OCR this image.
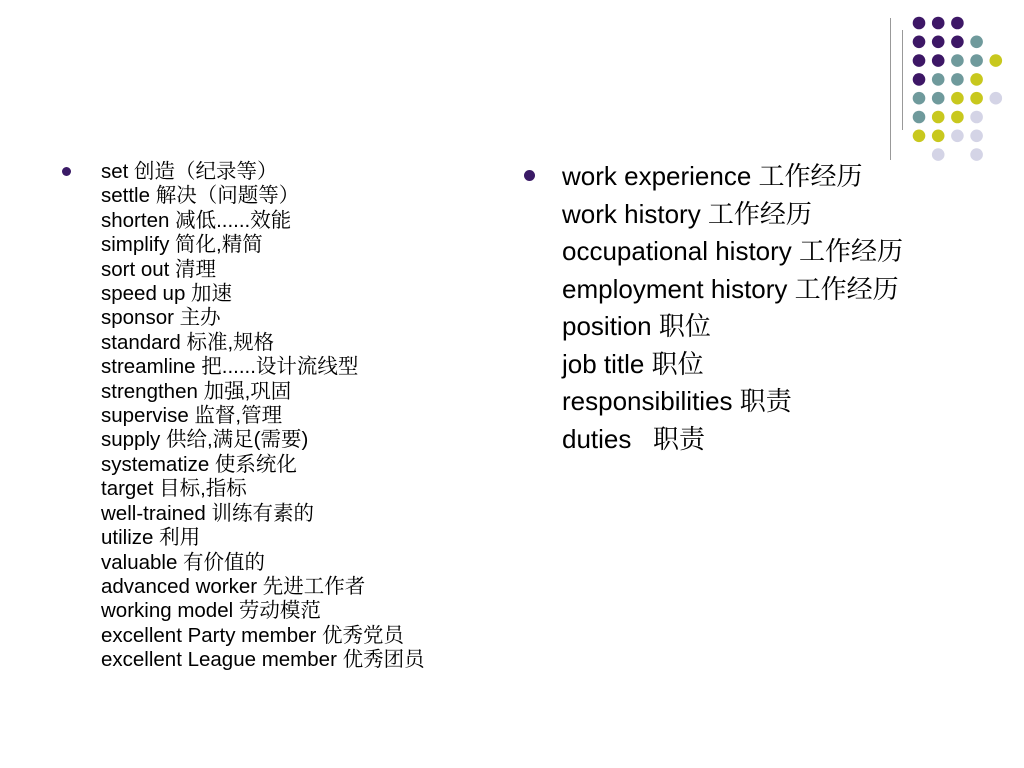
set 创造（纪录等）
settle 解决（问题等）
shorten 减低......效能
simplify 简化,精简
sort out 清理
speed up 加速
sponsor 主办
standard 标准,规格
streamline 把......设计流线型
strengthen 加强,巩固
supervise 监督,管理
supply 供给,满足(需要)
systematize 使系统化
target 目标,指标
well-trained 训练有素的
utilize 利用
valuable 有价值的
advanced worker 先进工作者
working model 劳动模范
excellent Party member 优秀党员
excellent League member 优秀团员
work experience 工作经历
work history 工作经历
occupational history 工作经历
employment history 工作经历
position 职位
job title 职位
responsibilities 职责
duties   职责
